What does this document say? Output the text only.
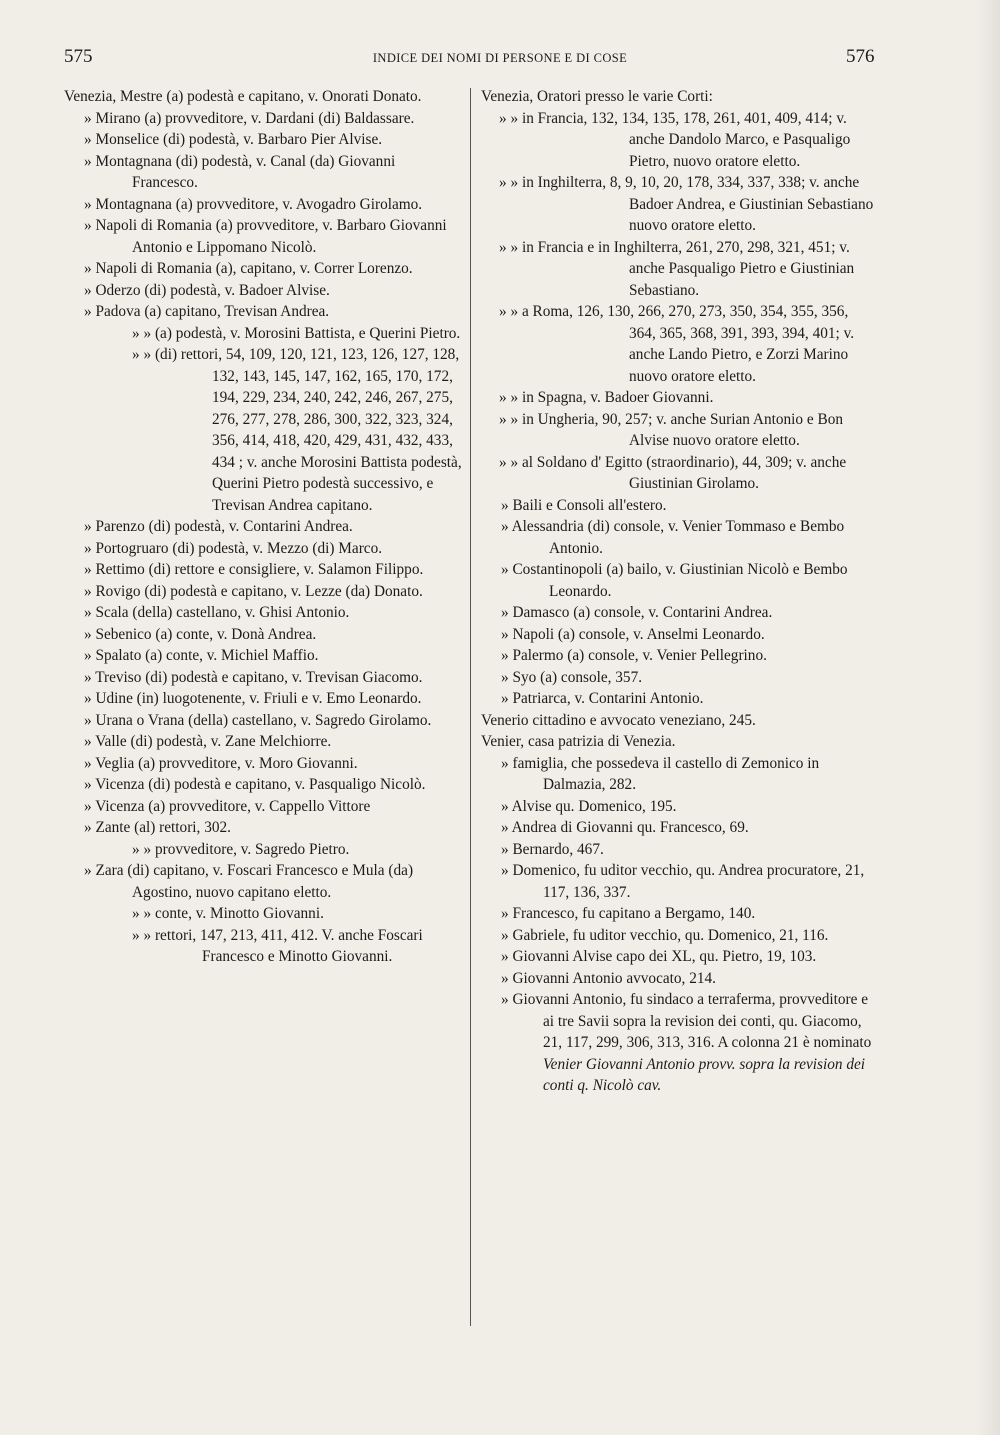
575	INDICE DEI NOMI DI PERSONE E DI COSE	576

Venezia, Mestre (a) podestà e capitano, v. Onorati Donato.

» Mirano (a) provveditore, v. Dardani (di) Baldassare.

» Monselice (di) podestà, v. Barbaro Pier Alvise.

» Montagnana (di) podestà, v. Canal (da) Giovanni Francesco.

» Montagnana (a) provveditore, v. Avogadro Girolamo.

» Napoli di Romania (a) provveditore, v. Barbaro Giovanni Antonio e Lippomano Nicolò.

» Napoli di Romania (a), capitano, v. Correr Lorenzo.

» Oderzo (di) podestà, v. Badoer Alvise.

» Padova (a) capitano, Trevisan Andrea.

» » (a) podestà, v. Morosini Battista, e Querini Pietro.

» » (di) rettori, 54, 109, 120, 121, 123, 126, 127, 128, 132, 143, 145, 147, 162, 165, 170, 172, 194, 229, 234, 240, 242, 246, 267, 275, 276, 277, 278, 286, 300, 322, 323, 324, 356, 414, 418, 420, 429, 431, 432, 433, 434 ; v. anche Morosini Battista podestà, Querini Pietro podestà successivo, e Trevisan Andrea capitano.

» Parenzo (di) podestà, v. Contarini Andrea.

» Portogruaro (di) podestà, v. Mezzo (di) Marco.

» Rettimo (di) rettore e consigliere, v. Salamon Filippo.

» Rovigo (di) podestà e capitano, v. Lezze (da) Donato.

» Scala (della) castellano, v. Ghisi Antonio.

» Sebenico (a) conte, v. Donà Andrea.

» Spalato (a) conte, v. Michiel Maffio.

» Treviso (di) podestà e capitano, v. Trevisan Giacomo.

» Udine (in) luogotenente, v. Friuli e v. Emo Leonardo.

» Urana o Vrana (della) castellano, v. Sagredo Girolamo.

» Valle (di) podestà, v. Zane Melchiorre.

» Veglia (a) provveditore, v. Moro Giovanni.

» Vicenza (di) podestà e capitano, v. Pasqualigo Nicolò.

» Vicenza (a) provveditore, v. Cappello Vittore

» Zante (al) rettori, 302.

» » provveditore, v. Sagredo Pietro.

» Zara (di) capitano, v. Foscari Francesco e Mula (da) Agostino, nuovo capitano eletto.

» » conte, v. Minotto Giovanni.

» » rettori, 147, 213, 411, 412. V. anche Foscari Francesco e Minotto Giovanni.

Venezia, Oratori presso le varie Corti:

» » in Francia, 132, 134, 135, 178, 261, 401, 409, 414; v. anche Dandolo Marco, e Pasqualigo Pietro, nuovo oratore eletto.

» » in Inghilterra, 8, 9, 10, 20, 178, 334, 337, 338; v. anche Badoer Andrea, e Giustinian Sebastiano nuovo oratore eletto.

» » in Francia e in Inghilterra, 261, 270, 298, 321, 451; v. anche Pasqualigo Pietro e Giustinian Sebastiano.

» » a Roma, 126, 130, 266, 270, 273, 350, 354, 355, 356, 364, 365, 368, 391, 393, 394, 401; v. anche Lando Pietro, e Zorzi Marino nuovo oratore eletto.

» » in Spagna, v. Badoer Giovanni.

» » in Ungheria, 90, 257; v. anche Surian Antonio e Bon Alvise nuovo oratore eletto.

» » al Soldano d' Egitto (straordinario), 44, 309; v. anche Giustinian Girolamo.

» Baili e Consoli all'estero.

» Alessandria (di) console, v. Venier Tommaso e Bembo Antonio.

» Costantinopoli (a) bailo, v. Giustinian Nicolò e Bembo Leonardo.

» Damasco (a) console, v. Contarini Andrea.

» Napoli (a) console, v. Anselmi Leonardo.

» Palermo (a) console, v. Venier Pellegrino.

» Syo (a) console, 357.

» Patriarca, v. Contarini Antonio.

Venerio cittadino e avvocato veneziano, 245.

Venier, casa patrizia di Venezia.

» famiglia, che possedeva il castello di Zemonico in Dalmazia, 282.

» Alvise qu. Domenico, 195.

» Andrea di Giovanni qu. Francesco, 69.

» Bernardo, 467.

» Domenico, fu uditor vecchio, qu. Andrea procuratore, 21, 117, 136, 337.

» Francesco, fu capitano a Bergamo, 140.

» Gabriele, fu uditor vecchio, qu. Domenico, 21, 116.

» Giovanni Alvise capo dei XL, qu. Pietro, 19, 103.

» Giovanni Antonio avvocato, 214.

» Giovanni Antonio, fu sindaco a terraferma, provveditore e ai tre Savii sopra la revision dei conti, qu. Giacomo, 21, 117, 299, 306, 313, 316. A colonna 21 è nominato

Venier Giovanni Antonio provv. sopra la revision dei conti q. Nicolò cav.
